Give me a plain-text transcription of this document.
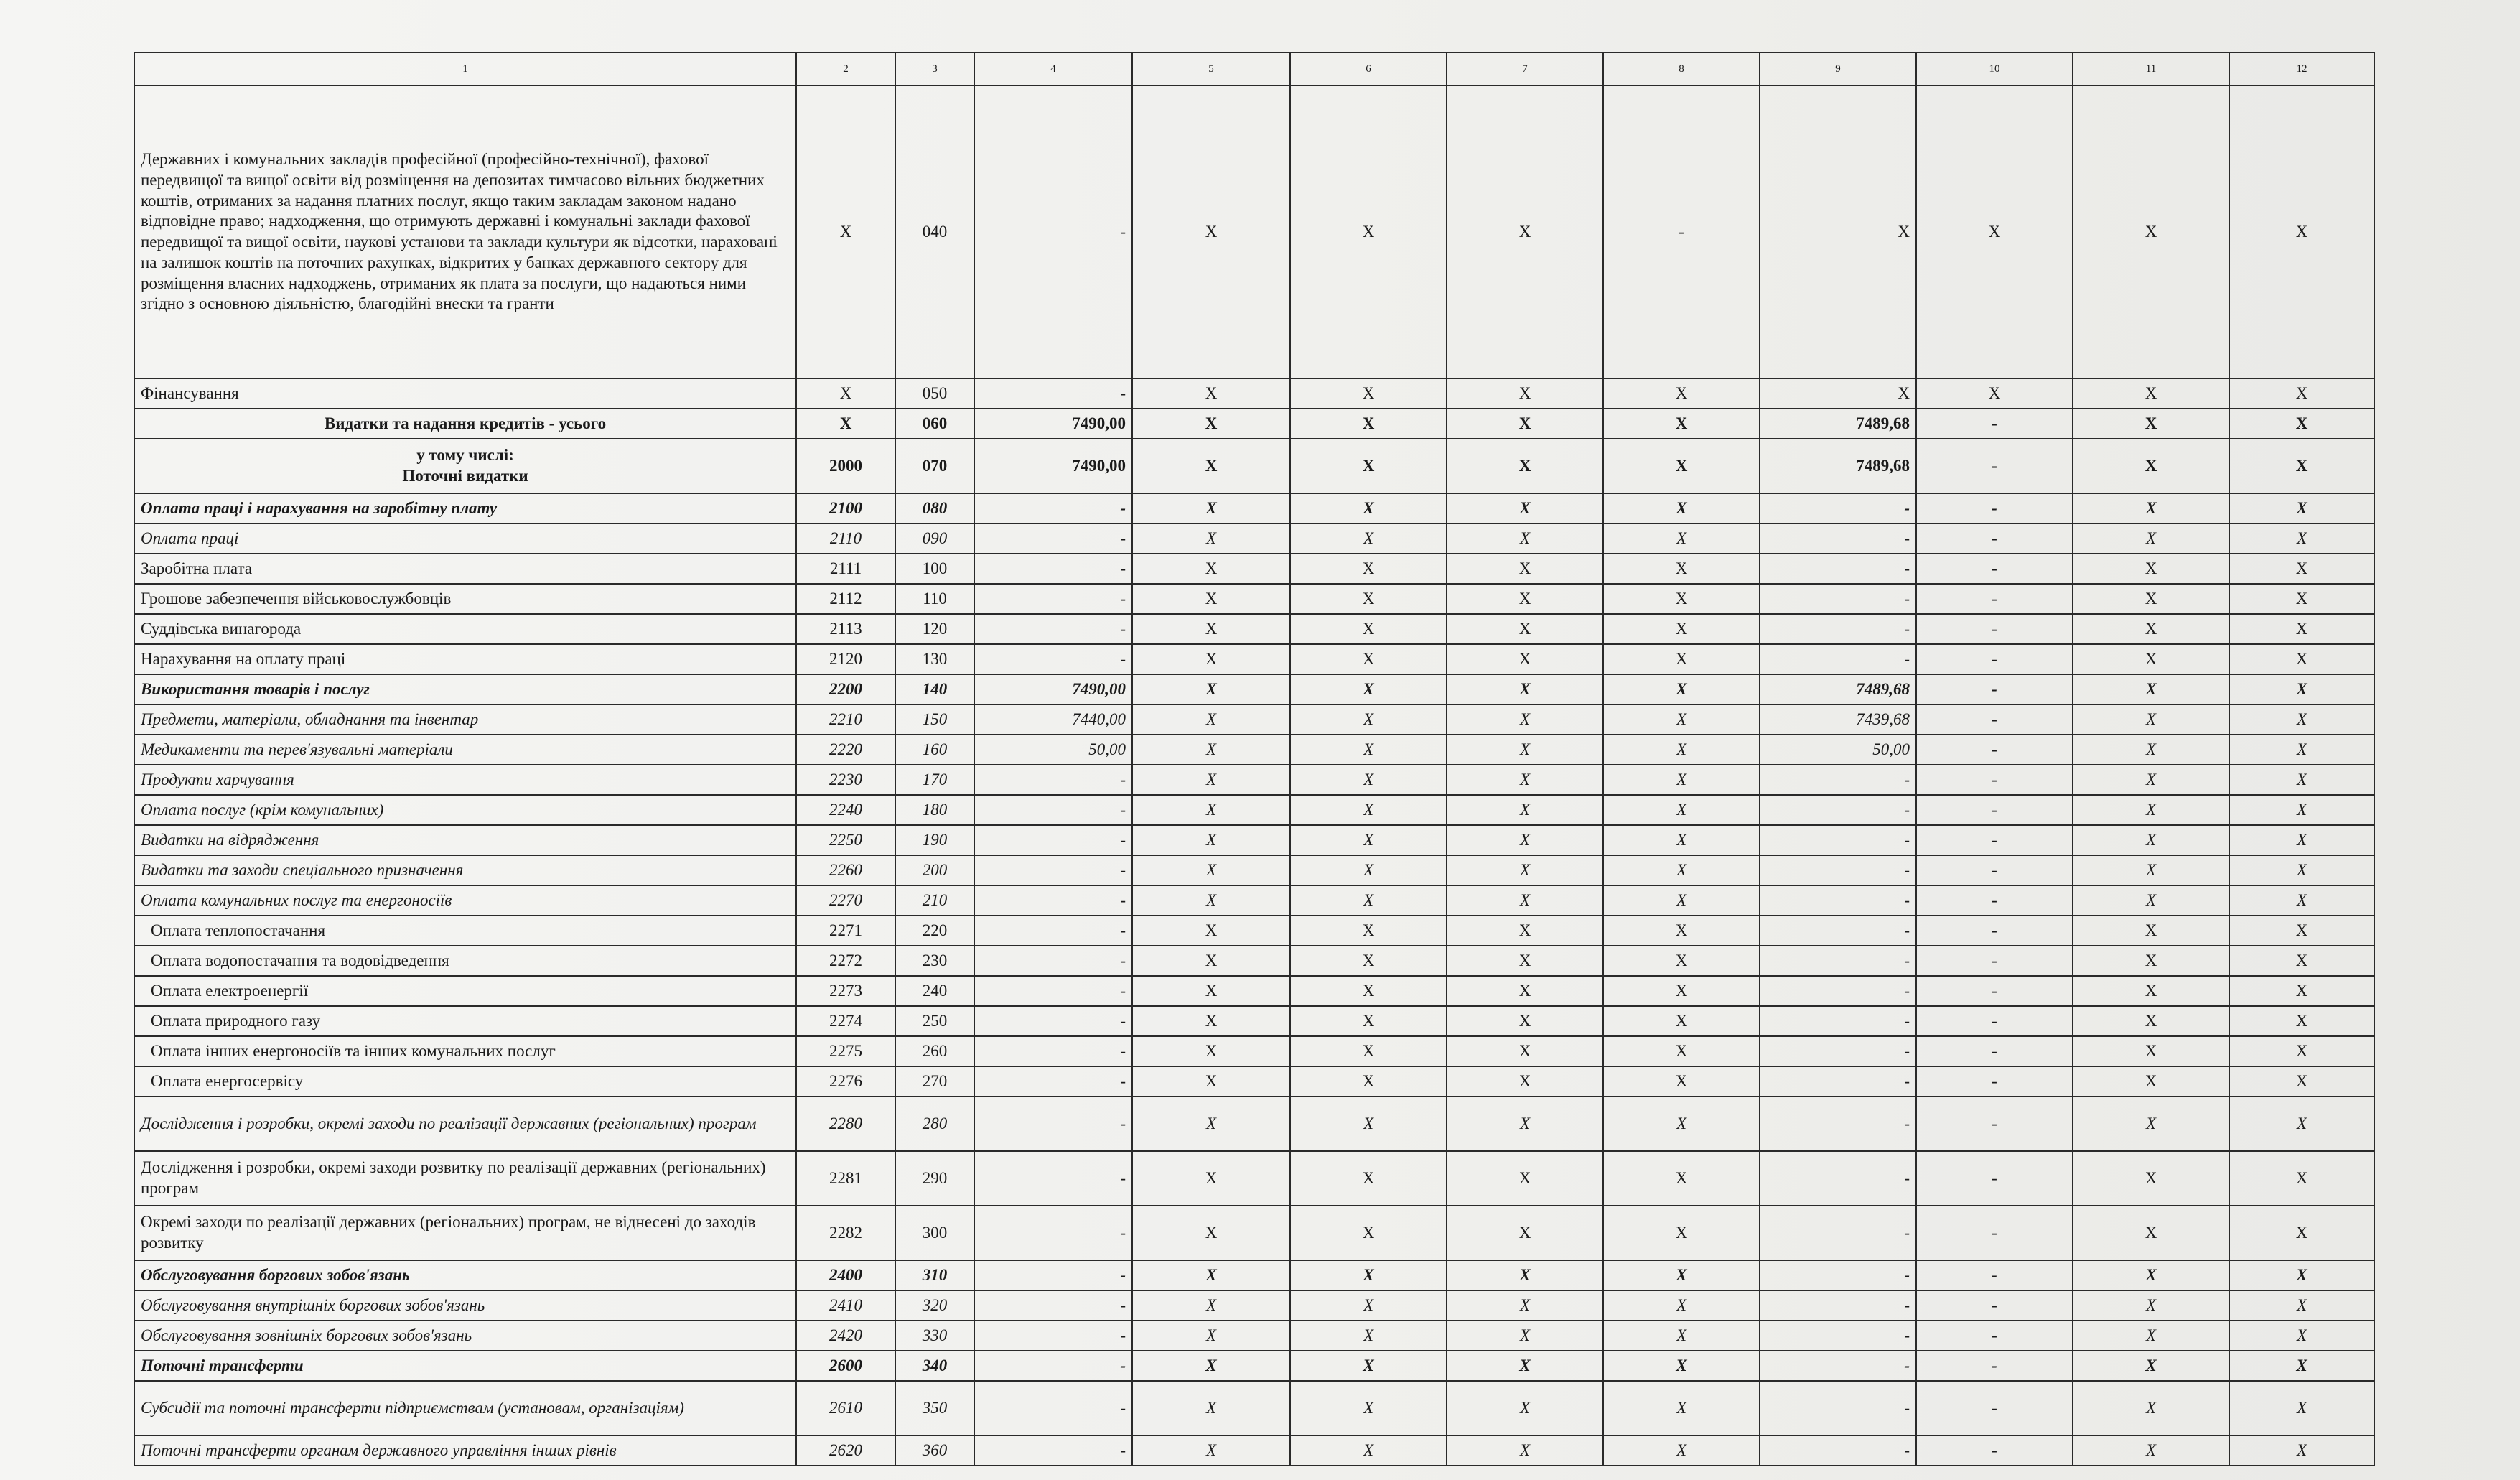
1	2	3	4	5	6	7	8	9	10	11	12
Державних і комунальних закладів професійної (професійно-технічної), фахової передвищої та вищої освіти від розміщення на депозитах тимчасово вільних бюджетних коштів, отриманих за надання платних послуг, якщо таким закладам законом надано відповідне право; надходження, що отримують державні і комунальні заклади фахової передвищої та вищої освіти, наукові установи та заклади культури як відсотки, нараховані на залишок коштів на поточних рахунках, відкритих у банках державного сектору для розміщення власних надходжень, отриманих як плата за послуги, що надаються ними згідно з основною діяльністю, благодійні внески та гранти	X	040	-	X	X	X	-	X	X	X	X
Фінансування	X	050	-	X	X	X	X	X	X	X	X
Видатки та надання кредитів - усього	X	060	7490,00	X	X	X	X	7489,68	-	X	X
у тому числі:
Поточні видатки	2000	070	7490,00	X	X	X	X	7489,68	-	X	X
Оплата праці і нарахування на заробітну плату	2100	080	-	X	X	X	X	-	-	X	X
Оплата праці	2110	090	-	X	X	X	X	-	-	X	X
Заробітна плата	2111	100	-	X	X	X	X	-	-	X	X
Грошове забезпечення військовослужбовців	2112	110	-	X	X	X	X	-	-	X	X
Суддівська винагорода	2113	120	-	X	X	X	X	-	-	X	X
Нарахування на оплату праці	2120	130	-	X	X	X	X	-	-	X	X
Використання товарів і послуг	2200	140	7490,00	X	X	X	X	7489,68	-	X	X
Предмети, матеріали, обладнання та інвентар	2210	150	7440,00	X	X	X	X	7439,68	-	X	X
Медикаменти та перев'язувальні матеріали	2220	160	50,00	X	X	X	X	50,00	-	X	X
Продукти харчування	2230	170	-	X	X	X	X	-	-	X	X
Оплата послуг (крім комунальних)	2240	180	-	X	X	X	X	-	-	X	X
Видатки на відрядження	2250	190	-	X	X	X	X	-	-	X	X
Видатки та заходи спеціального призначення	2260	200	-	X	X	X	X	-	-	X	X
Оплата комунальних послуг та енергоносіїв	2270	210	-	X	X	X	X	-	-	X	X
Оплата теплопостачання	2271	220	-	X	X	X	X	-	-	X	X
Оплата водопостачання та водовідведення	2272	230	-	X	X	X	X	-	-	X	X
Оплата електроенергії	2273	240	-	X	X	X	X	-	-	X	X
Оплата природного газу	2274	250	-	X	X	X	X	-	-	X	X
Оплата інших енергоносіїв та інших комунальних послуг	2275	260	-	X	X	X	X	-	-	X	X
Оплата енергосервісу	2276	270	-	X	X	X	X	-	-	X	X
Дослідження і розробки, окремі заходи по реалізації державних (регіональних) програм	2280	280	-	X	X	X	X	-	-	X	X
Дослідження і розробки, окремі заходи розвитку по реалізації державних (регіональних) програм	2281	290	-	X	X	X	X	-	-	X	X
Окремі заходи по реалізації державних (регіональних) програм, не віднесені до заходів розвитку	2282	300	-	X	X	X	X	-	-	X	X
Обслуговування боргових зобов'язань	2400	310	-	X	X	X	X	-	-	X	X
Обслуговування внутрішніх боргових зобов'язань	2410	320	-	X	X	X	X	-	-	X	X
Обслуговування зовнішніх боргових зобов'язань	2420	330	-	X	X	X	X	-	-	X	X
Поточні трансферти	2600	340	-	X	X	X	X	-	-	X	X
Субсидії та поточні трансферти підприємствам (установам, організаціям)	2610	350	-	X	X	X	X	-	-	X	X
Поточні трансферти органам державного управління інших рівнів	2620	360	-	X	X	X	X	-	-	X	X
